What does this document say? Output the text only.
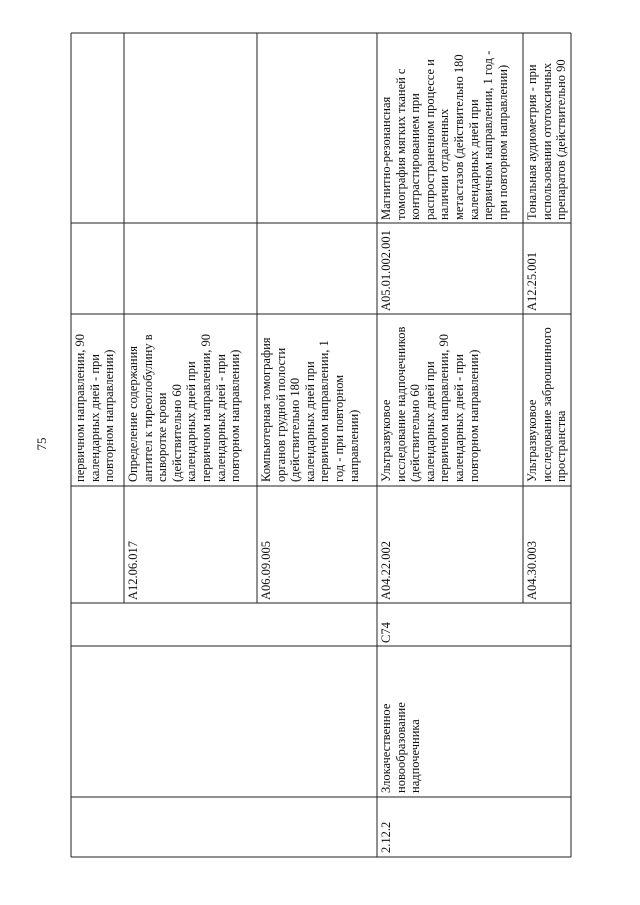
75 первичном направлении, 90 календарных дней - при повторном направлении)
A12.06.017
Определение содержания антител к тиреоглобулину в сыворотке крови (действительно 60 календарных дней при первичном направлении, 90 календарных дней - при повторном направлении)
A06.09.005
Компьютерная томография органов грудной полости (действительно 180 календарных дней при первичном направлении, 1 год - при повторном направлении)
2.12.2
Злокачественное новообразование надпочечника
C74
A04.22.002
Ультразвуковое исследование надпочечников (действительно 60 календарных дней при первичном направлении, 90 календарных дней - при повторном направлении)
A05.01.002.001
Магнитно-резонансная томография мягких тканей с контрастированием при распространенном процессе и наличии отдаленных метастазов (действительно 180 календарных дней при первичном направлении, 1 год - при повторном направлении)
A04.30.003
Ультразвуковое исследование забрюшинного пространства
A12.25.001
Тональная аудиометрия - при использовании ототоксичных препаратов (действительно 90
